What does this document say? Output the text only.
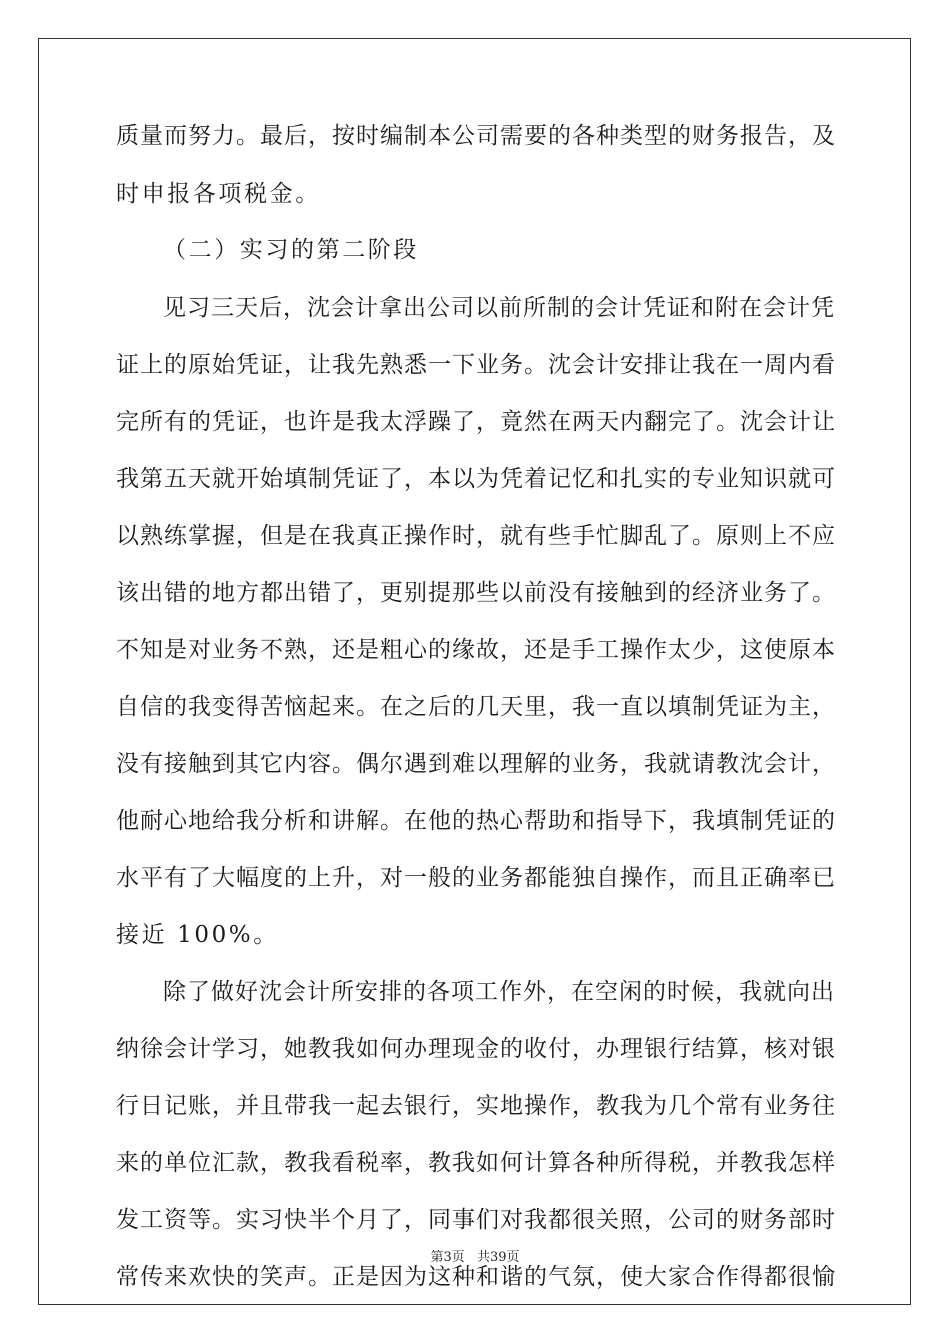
质量而努力。最后，按时编制本公司需要的各种类型的财务报告，及
时申报各项税金。
（二）实习的第二阶段
见习三天后，沈会计拿出公司以前所制的会计凭证和附在会计凭
证上的原始凭证，让我先熟悉一下业务。沈会计安排让我在一周内看
完所有的凭证，也许是我太浮躁了，竟然在两天内翻完了。沈会计让
我第五天就开始填制凭证了，本以为凭着记忆和扎实的专业知识就可
以熟练掌握，但是在我真正操作时，就有些手忙脚乱了。原则上不应
该出错的地方都出错了，更别提那些以前没有接触到的经济业务了。
不知是对业务不熟，还是粗心的缘故，还是手工操作太少，这使原本
自信的我变得苦恼起来。在之后的几天里，我一直以填制凭证为主，
没有接触到其它内容。偶尔遇到难以理解的业务，我就请教沈会计，
他耐心地给我分析和讲解。在他的热心帮助和指导下，我填制凭证的
水平有了大幅度的上升，对一般的业务都能独自操作，而且正确率已
接近 100%。
除了做好沈会计所安排的各项工作外，在空闲的时候，我就向出
纳徐会计学习，她教我如何办理现金的收付，办理银行结算，核对银
行日记账，并且带我一起去银行，实地操作，教我为几个常有业务往
来的单位汇款，教我看税率，教我如何计算各种所得税，并教我怎样
发工资等。实习快半个月了，同事们对我都很关照，公司的财务部时
常传来欢快的笑声。正是因为这种和谐的气氛，使大家合作得都很愉
第3页 共39页
